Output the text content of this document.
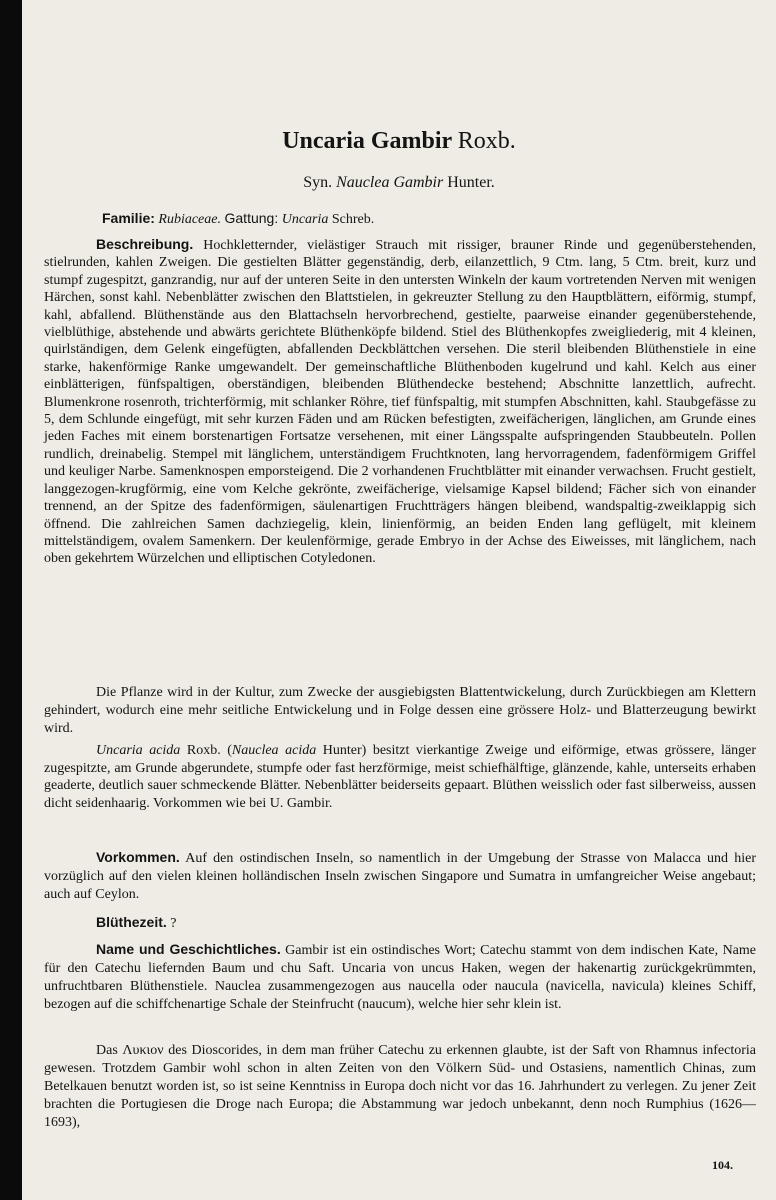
Uncaria Gambir Roxb.
Syn. Nauclea Gambir Hunter.

Familie: Rubiaceae. Gattung: Uncaria Schreb.

Beschreibung. Hochkletternder, vielästiger Strauch mit rissiger, brauner Rinde und gegenüberstehenden, stielrunden, kahlen Zweigen. Die gestielten Blätter gegenständig, derb, eilanzettlich, 9 Ctm. lang, 5 Ctm. breit, kurz und stumpf zugespitzt, ganzrandig, nur auf der unteren Seite in den untersten Winkeln der kaum vortretenden Nerven mit wenigen Härchen, sonst kahl. Nebenblätter zwischen den Blattstielen, in gekreuzter Stellung zu den Hauptblättern, eiförmig, stumpf, kahl, abfallend. Blüthenstände aus den Blattachseln hervorbrechend, gestielte, paarweise einander gegenüberstehende, vielblüthige, abstehende und abwärts gerichtete Blüthenköpfe bildend. Stiel des Blüthenkopfes zweigliederig, mit 4 kleinen, quirlständigen, dem Gelenk eingefügten, abfallenden Deckblättchen versehen. Die steril bleibenden Blüthenstiele in eine starke, hakenförmige Ranke umgewandelt. Der gemeinschaftliche Blüthenboden kugelrund und kahl. Kelch aus einer einblätterigen, fünfspaltigen, oberständigen, bleibenden Blüthendecke bestehend; Abschnitte lanzettlich, aufrecht. Blumenkrone rosenroth, trichterförmig, mit schlanker Röhre, tief fünfspaltig, mit stumpfen Abschnitten, kahl. Staubgefässe zu 5, dem Schlunde eingefügt, mit sehr kurzen Fäden und am Rücken befestigten, zweifächerigen, länglichen, am Grunde eines jeden Faches mit einem borstenartigen Fortsatze versehenen, mit einer Längsspalte aufspringenden Staubbeuteln. Pollen rundlich, dreinabelig. Stempel mit länglichem, unterständigem Fruchtknoten, lang hervorragendem, fadenförmigem Griffel und keuliger Narbe. Samenknospen emporsteigend. Die 2 vorhandenen Fruchtblätter mit einander verwachsen. Frucht gestielt, langgezogen-krugförmig, eine vom Kelche gekrönte, zweifächerige, vielsamige Kapsel bildend; Fächer sich von einander trennend, an der Spitze des fadenförmigen, säulenartigen Fruchtträgers hängen bleibend, wandspaltig-zweiklappig sich öffnend. Die zahlreichen Samen dachziegelig, klein, linienförmig, an beiden Enden lang geflügelt, mit kleinem mittelständigem, ovalem Samenkern. Der keulenförmige, gerade Embryo in der Achse des Eiweisses, mit länglichem, nach oben gekehrtem Würzelchen und elliptischen Cotyledonen.

Die Pflanze wird in der Kultur, zum Zwecke der ausgiebigsten Blattentwickelung, durch Zurückbiegen am Klettern gehindert, wodurch eine mehr seitliche Entwickelung und in Folge dessen eine grössere Holz- und Blatterzeugung bewirkt wird.

Uncaria acida Roxb. (Nauclea acida Hunter) besitzt vierkantige Zweige und eiförmige, etwas grössere, länger zugespitzte, am Grunde abgerundete, stumpfe oder fast herzförmige, meist schiefhälftige, glänzende, kahle, unterseits erhaben geaderte, deutlich sauer schmeckende Blätter. Nebenblätter beiderseits gepaart. Blüthen weisslich oder fast silberweiss, aussen dicht seidenhaarig. Vorkommen wie bei U. Gambir.

Vorkommen. Auf den ostindischen Inseln, so namentlich in der Umgebung der Strasse von Malacca und hier vorzüglich auf den vielen kleinen holländischen Inseln zwischen Singapore und Sumatra in umfangreicher Weise angebaut; auch auf Ceylon.

Blüthezeit. ?

Name und Geschichtliches. Gambir ist ein ostindisches Wort; Catechu stammt von dem indischen Kate, Name für den Catechu liefernden Baum und chu Saft. Uncaria von uncus Haken, wegen der hakenartig zurückgekrümmten, unfruchtbaren Blüthenstiele. Nauclea zusammengezogen aus naucella oder naucula (navicella, navicula) kleines Schiff, bezogen auf die schiffchenartige Schale der Steinfrucht (naucum), welche hier sehr klein ist.

Das Λυκιον des Dioscorides, in dem man früher Catechu zu erkennen glaubte, ist der Saft von Rhamnus infectoria gewesen. Trotzdem Gambir wohl schon in alten Zeiten von den Völkern Süd- und Ostasiens, namentlich Chinas, zum Betelkauen benutzt worden ist, so ist seine Kenntniss in Europa doch nicht vor das 16. Jahrhundert zu verlegen. Zu jener Zeit brachten die Portugiesen die Droge nach Europa; die Abstammung war jedoch unbekannt, denn noch Rumphius (1626—1693),

104.
